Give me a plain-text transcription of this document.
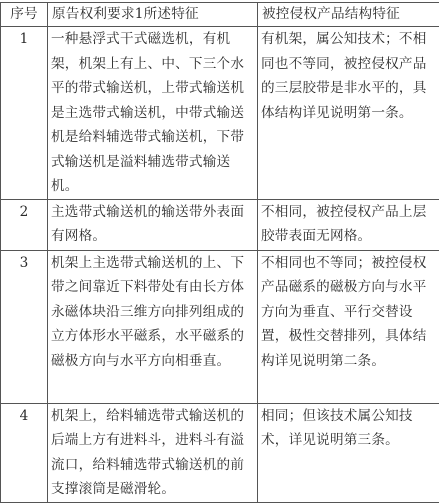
序号	原告权利要求1所述特征	被控侵权产品结构特征
1	一种悬浮式干式磁选机，有机架，机架上有上、中、下三个水平的带式输送机，上带式输送机是主选带式输送机，中带式输送机是给料辅选带式输送机，下带式输送机是溢料辅选带式输送机。	有机架，属公知技术；不相同也不等同，被控侵权产品的三层胶带是非水平的，具体结构详见说明第一条。
2	主选带式输送机的输送带外表面有网格。	不相同，被控侵权产品上层胶带表面无网格。
3	机架上主选带式输送机的上、下带之间靠近下料带处有由长方体永磁体块沿三维方向排列组成的立方体形水平磁系，水平磁系的磁极方向与水平方向相垂直。	不相同也不等同；被控侵权产品磁系的磁极方向与水平方向为垂直、平行交替设置，极性交替排列，具体结构详见说明第二条。
4	机架上，给料辅选带式输送机的后端上方有进料斗，进料斗有溢流口，给料辅选带式输送机的前支撑滚筒是磁滑轮。	相同；但该技术属公知技术，详见说明第三条。
